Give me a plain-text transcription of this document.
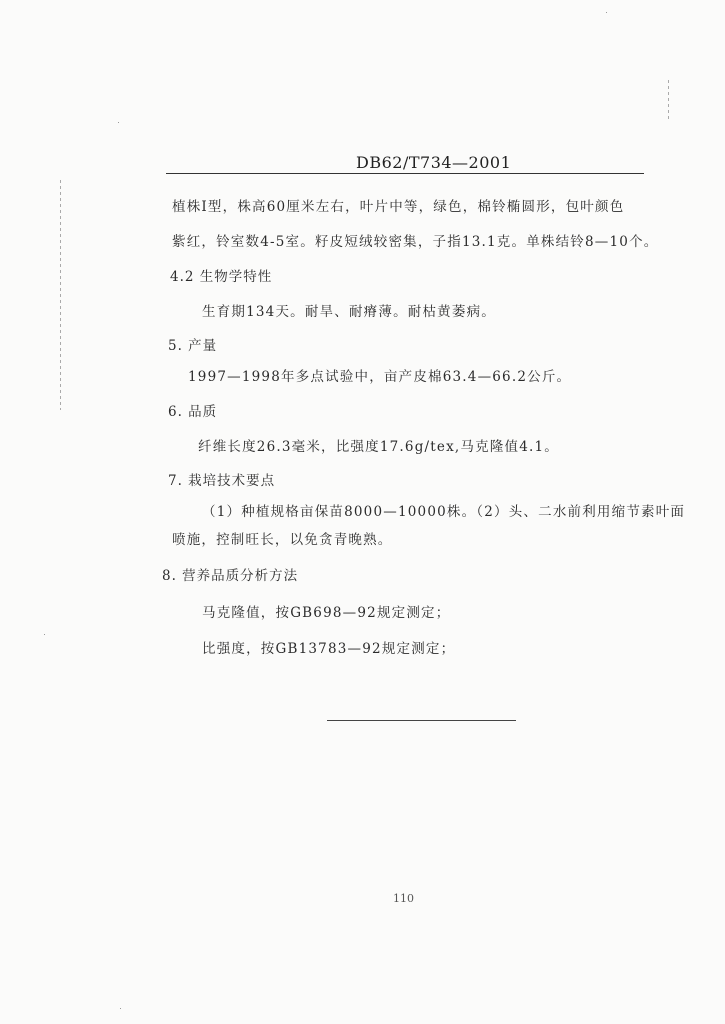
DB62/T734—2001
植株Ⅰ型，株高60厘米左右，叶片中等，绿色，棉铃椭圆形，包叶颜色
紫红，铃室数4-5室。籽皮短绒较密集，子指13.1克。单株结铃8—10个。
4.2 生物学特性
生育期134天。耐旱、耐瘠薄。耐枯黄萎病。
5. 产量
1997—1998年多点试验中，亩产皮棉63.4—66.2公斤。
6. 品质
纤维长度26.3毫米，比强度17.6g/tex,马克隆值4.1。
7. 栽培技术要点
（1）种植规格亩保苗8000—10000株。（2）头、二水前利用缩节素叶面
喷施，控制旺长，以免贪青晚熟。
8. 营养品质分析方法
马克隆值，按GB698—92规定测定；
比强度，按GB13783—92规定测定；
110
